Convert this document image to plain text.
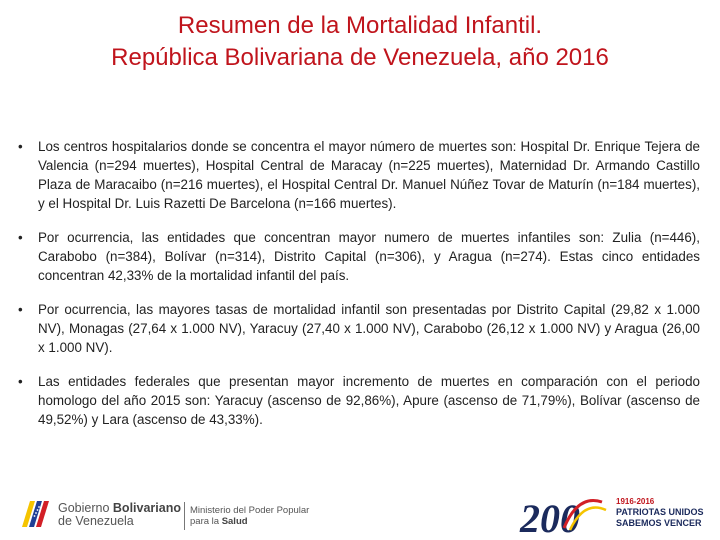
Resumen de la Mortalidad Infantil.
República Bolivariana de Venezuela, año 2016
•	Los centros hospitalarios donde se concentra el mayor número de muertes son: Hospital Dr. Enrique Tejera de Valencia (n=294 muertes), Hospital Central de Maracay (n=225 muertes), Maternidad Dr. Armando Castillo Plaza de Maracaibo (n=216 muertes), el Hospital Central Dr. Manuel Núñez Tovar de Maturín (n=184 muertes), y el Hospital Dr. Luis Razetti De Barcelona (n=166 muertes).
•	Por ocurrencia, las entidades que concentran mayor numero de muertes infantiles son: Zulia (n=446), Carabobo (n=384), Bolívar (n=314), Distrito Capital (n=306), y Aragua (n=274). Estas cinco entidades concentran 42,33% de la mortalidad infantil del país.
•	Por ocurrencia, las mayores tasas de mortalidad infantil son presentadas por Distrito Capital (29,82 x 1.000 NV), Monagas (27,64 x 1.000 NV), Yaracuy (27,40 x 1.000 NV), Carabobo (26,12 x 1.000 NV) y Aragua (26,00 x 1.000 NV).
•	Las entidades federales que presentan mayor incremento de muertes en comparación con el periodo homologo del año 2015 son: Yaracuy (ascenso de 92,86%), Apure (ascenso de 71,79%), Bolívar (ascenso de 49,52%) y Lara (ascenso de 43,33%).
Gobierno Bolivariano
de Venezuela
Ministerio del Poder Popular
para la Salud	200	1916-2016
PATRIOTAS UNIDOS
SABEMOS VENCER
